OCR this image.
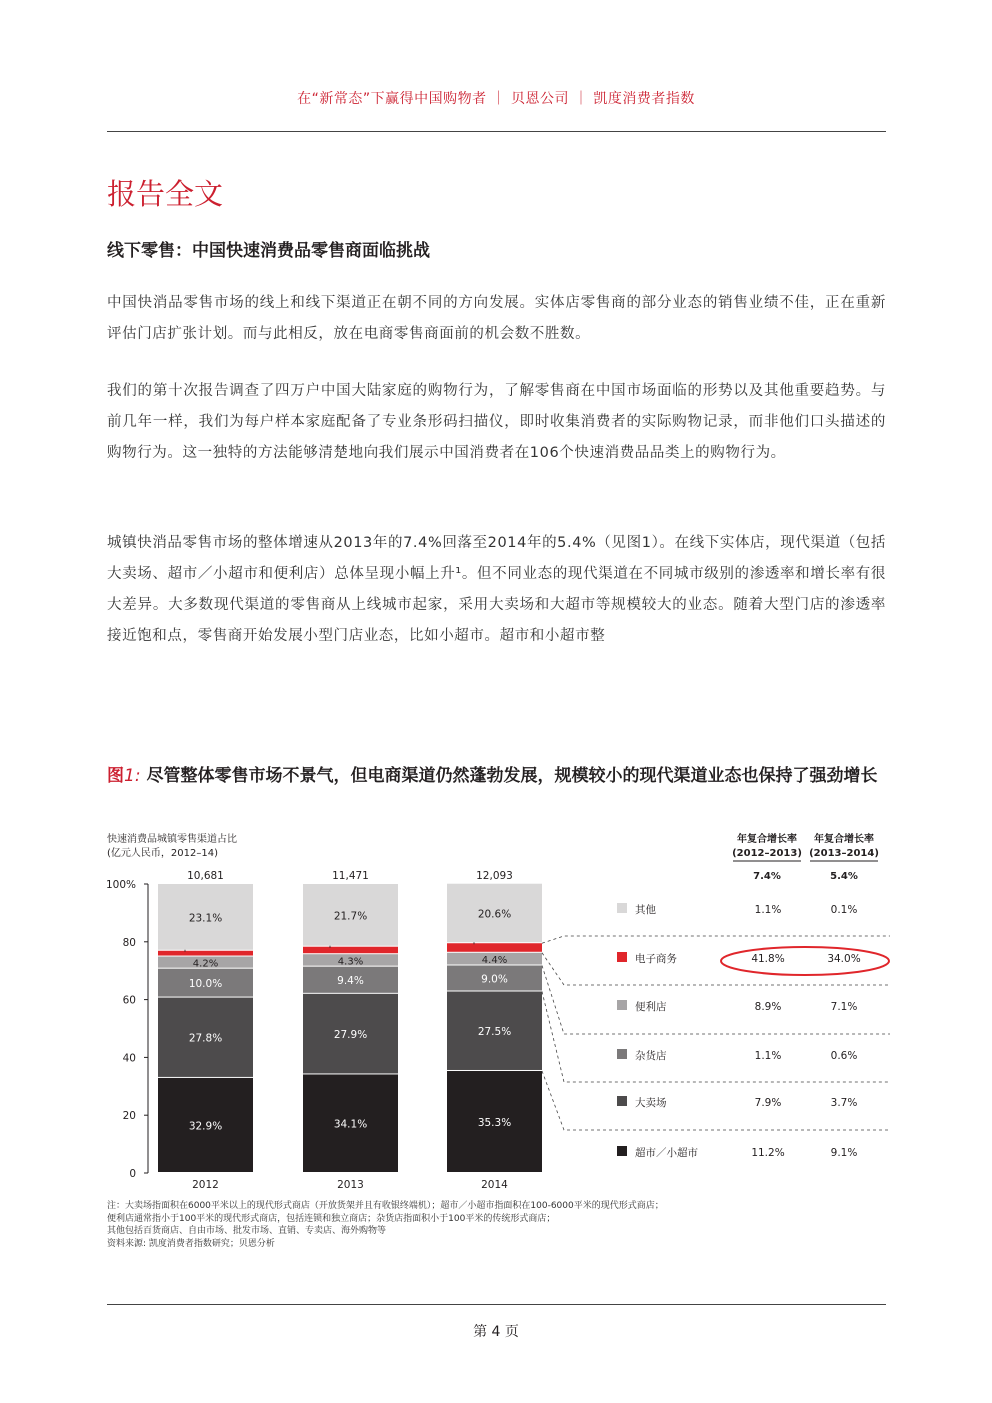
在“新常态”下赢得中国购物者 ｜ 贝恩公司 ｜ 凯度消费者指数
报告全文
线下零售：中国快速消费品零售商面临挑战
中国快消品零售市场的线上和线下渠道正在朝不同的方向发展。实体店零售商的部分业态的销售业绩不佳，正在重新评估门店扩张计划。而与此相反，放在电商零售商面前的机会数不胜数。
我们的第十次报告调查了四万户中国大陆家庭的购物行为，了解零售商在中国市场面临的形势以及其他重要趋势。与前几年一样，我们为每户样本家庭配备了专业条形码扫描仪，即时收集消费者的实际购物记录，而非他们口头描述的购物行为。这一独特的方法能够清楚地向我们展示中国消费者在106个快速消费品品类上的购物行为。
城镇快消品零售市场的整体增速从2013年的7.4%回落至2014年的5.4%（见图1）。在线下实体店，现代渠道（包括大卖场、超市／小超市和便利店）总体呈现小幅上升¹。但不同业态的现代渠道在不同城市级别的渗透率和增长率有很大差异。大多数现代渠道的零售商从上线城市起家，采用大卖场和大超市等规模较大的业态。随着大型门店的渗透率接近饱和点，零售商开始发展小型门店业态，比如小超市。超市和小超市整
图1: 尽管整体零售市场不景气，但电商渠道仍然蓬勃发展，规模较小的现代渠道业态也保持了强劲增长
快速消费品城镇零售渠道占比
(亿元人民币，2012–14)
年复合增长率
(2012–2013)
年复合增长率
(2013–2014)
7.4%	5.4%
0
20
40
60
80
100%
32.9%
27.8%
10.0%
4.2%
23.1%
10,681
2012
34.1%
27.9%
9.4%
4.3%
21.7%
11,471
2013
35.3%
27.5%
9.0%
4.4%
20.6%
12,093
2014
其他	1.1%	0.1%
电子商务	41.8%	34.0%
便利店	8.9%	7.1%
杂货店	1.1%	0.6%
大卖场	7.9%	3.7%
超市／小超市	11.2%	9.1%
注：大卖场指面积在6000平米以上的现代形式商店（开放货架并且有收银终端机）；超市／小超市指面积在100-6000平米的现代形式商店；
便利店通常指小于100平米的现代形式商店，包括连锁和独立商店；杂货店指面积小于100平米的传统形式商店；
其他包括百货商店、自由市场、批发市场、直销、专卖店、海外购物等
资料来源: 凯度消费者指数研究；贝恩分析
第 4 页
